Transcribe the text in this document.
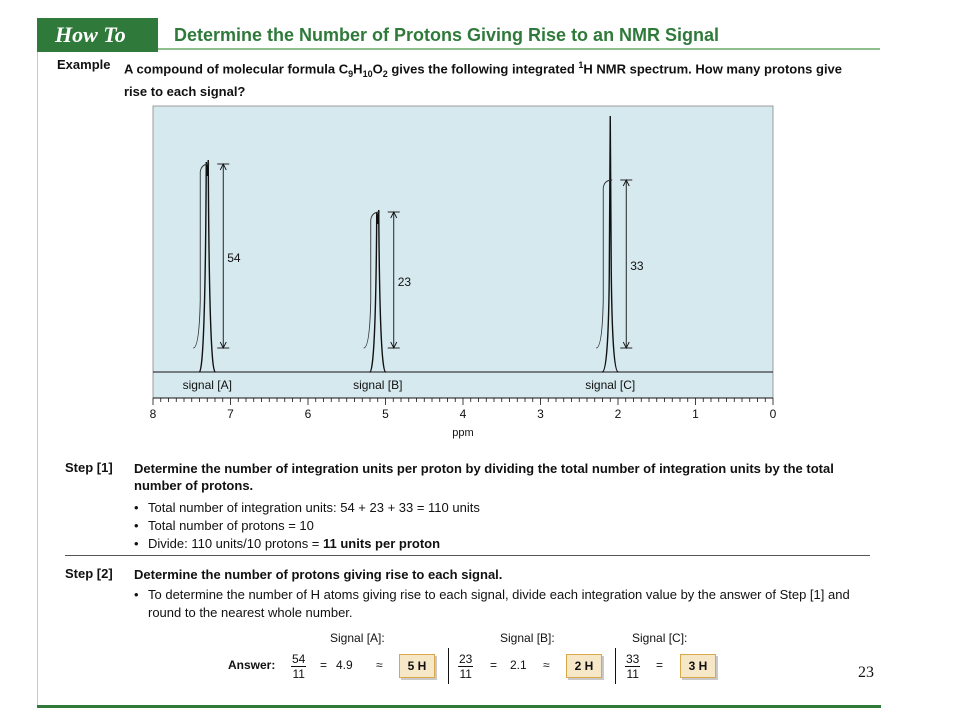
How To	Determine the Number of Protons Giving Rise to an NMR Signal
Example A compound of molecular formula $C_9H_{10}O_2$ gives the following integrated $^1$H NMR spectrum. How many protons give rise to each signal?
8	7	6	5	4	3	2	1	0
ppm
54
signal [A]
23
signal [B]
33
signal [C]
Step [1] Determine the number of integration units per proton by dividing the total number of integration units by the total number of protons.
• Total number of integration units: 54 + 23 + 33 = 110 units
• Total number of protons = 10
• Divide: 110 units/10 protons = 11 units per proton
Step [2] Determine the number of protons giving rise to each signal.
• To determine the number of H atoms giving rise to each signal, divide each integration value by the answer of Step [1] and round to the nearest whole number.
Answer:
Signal [A]:
$\frac{54}{11} = 4.9$ ≈	5 H
Signal [B]:
$\frac{23}{11} = 2.1$ ≈	2 H
Signal [C]:
$\frac{33}{11}$ =	3 H	23
